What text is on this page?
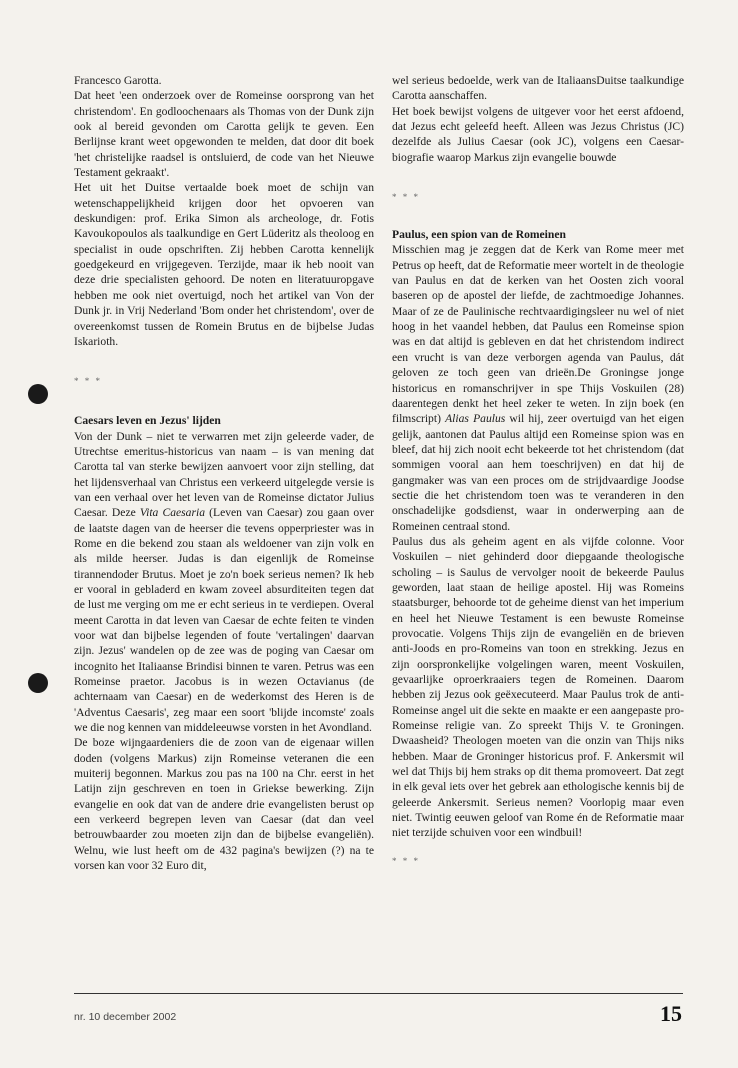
Francesco Garotta.

Dat heet 'een onderzoek over de Romeinse oorsprong van het christendom'. En godloochenaars als Thomas von der Dunk zijn ook al bereid gevonden om Carotta gelijk te geven. Een Berlijnse krant weet opgewonden te melden, dat door dit boek 'het christelijke raadsel is ontsluierd, de code van het Nieuwe Testament gekraakt'.

Het uit het Duitse vertaalde boek moet de schijn van wetenschappelijkheid krijgen door het opvoeren van deskundigen: prof. Erika Simon als archeologe, dr. Fotis Kavoukopoulos als taalkundige en Gert Lüderitz als theoloog en specialist in oude opschriften. Zij hebben Carotta kennelijk goedgekeurd en vrijgegeven. Terzijde, maar ik heb nooit van deze drie specialisten gehoord. De noten en literatuuropgave hebben me ook niet overtuigd, noch het artikel van Von der Dunk jr. in Vrij Nederland 'Bom onder het christendom', over de overeenkomst tussen de Romein Brutus en de bijbelse Judas Iskarioth.

* * *

Caesars leven en Jezus' lijden

Von der Dunk – niet te verwarren met zijn geleerde vader, de Utrechtse emeritus-historicus van naam – is van mening dat Carotta tal van sterke bewijzen aanvoert voor zijn stelling, dat het lijdensverhaal van Christus een verkeerd uitgelegde versie is van een verhaal over het leven van de Romeinse dictator Julius Caesar. Deze Vita Caesaria (Leven van Caesar) zou gaan over de laatste dagen van de heerser die tevens opperpriester was in Rome en die bekend zou staan als weldoener van zijn volk en als milde heerser. Judas is dan eigenlijk de Romeinse tirannendoder Brutus. Moet je zo'n boek serieus nemen? Ik heb er vooral in gebladerd en kwam zoveel absurditeiten tegen dat de lust me verging om me er echt serieus in te verdiepen. Overal meent Carotta in dat leven van Caesar de echte feiten te vinden voor wat dan bijbelse legenden of foute 'vertalingen' daarvan zijn. Jezus' wandelen op de zee was de poging van Caesar om incognito het Italiaanse Brindisi binnen te varen. Petrus was een Romeinse praetor. Jacobus is in wezen Octavianus (de achternaam van Caesar) en de wederkomst des Heren is de 'Adventus Caesaris', zeg maar een soort 'blijde incomste' zoals we die nog kennen van middeleeuwse vorsten in het Avondland.

De boze wijngaardeniers die de zoon van de eigenaar willen doden (volgens Markus) zijn Romeinse veteranen die een muiterij begonnen. Markus zou pas na 100 na Chr. eerst in het Latijn zijn geschreven en toen in Griekse bewerking. Zijn evangelie en ook dat van de andere drie evangelisten berust op een verkeerd begrepen leven van Caesar (dat dan veel betrouwbaarder zou moeten zijn dan de bijbelse evangeliën). Welnu, wie lust heeft om de 432 pagina's bewijzen (?) na te vorsen kan voor 32 Euro dit,

wel serieus bedoelde, werk van de ItaliaansDuitse taalkundige Carotta aanschaffen.

Het boek bewijst volgens de uitgever voor het eerst afdoend, dat Jezus echt geleefd heeft. Alleen was Jezus Christus (JC) dezelfde als Julius Caesar (ook JC), volgens een Caesar-biografie waarop Markus zijn evangelie bouwde

* * *

Paulus, een spion van de Romeinen

Misschien mag je zeggen dat de Kerk van Rome meer met Petrus op heeft, dat de Reformatie meer wortelt in de theologie van Paulus en dat de kerken van het Oosten zich vooral baseren op de apostel der liefde, de zachtmoedige Johannes. Maar of ze de Paulinische rechtvaardigingsleer nu wel of niet hoog in het vaandel hebben, dat Paulus een Romeinse spion was en dat altijd is gebleven en dat het christendom indirect een vrucht is van deze verborgen agenda van Paulus, dát geloven ze toch geen van drieën.De Groningse jonge historicus en romanschrijver in spe Thijs Voskuilen (28) daarentegen denkt het heel zeker te weten. In zijn boek (en filmscript) Alias Paulus wil hij, zeer overtuigd van het eigen gelijk, aantonen dat Paulus altijd een Romeinse spion was en bleef, dat hij zich nooit echt bekeerde tot het christendom (dat sommigen vooral aan hem toeschrijven) en dat hij de gangmaker was van een proces om de strijdvaardige Joodse sectie die het christendom toen was te veranderen in den onschadelijke godsdienst, waar in onderwerping aan de Romeinen centraal stond.

Paulus dus als geheim agent en als vijfde colonne. Voor Voskuilen – niet gehinderd door diepgaande theologische scholing – is Saulus de vervolger nooit de bekeerde Paulus geworden, laat staan de heilige apostel. Hij was Romeins staatsburger, behoorde tot de geheime dienst van het imperium en heel het Nieuwe Testament is een bewuste Romeinse provocatie. Volgens Thijs zijn de evangeliën en de brieven anti-Joods en pro-Romeins van toon en strekking. Jezus en zijn oorspronkelijke volgelingen waren, meent Voskuilen, gevaarlijke oproerkraaiers tegen de Romeinen. Daarom hebben zij Jezus ook geëxecuteerd. Maar Paulus trok de anti-Romeinse angel uit die sekte en maakte er een aangepaste pro-Romeinse religie van. Zo spreekt Thijs V. te Groningen. Dwaasheid? Theologen moeten van die onzin van Thijs niks hebben. Maar de Groninger historicus prof. F. Ankersmit wil wel dat Thijs bij hem straks op dit thema promoveert. Dat zegt in elk geval iets over het gebrek aan ethologische kennis bij de geleerde Ankersmit. Serieus nemen? Voorlopig maar even niet. Twintig eeuwen geloof van Rome én de Reformatie maar niet terzijde schuiven voor een windbuil!

* * *
nr. 10 december 2002	15
